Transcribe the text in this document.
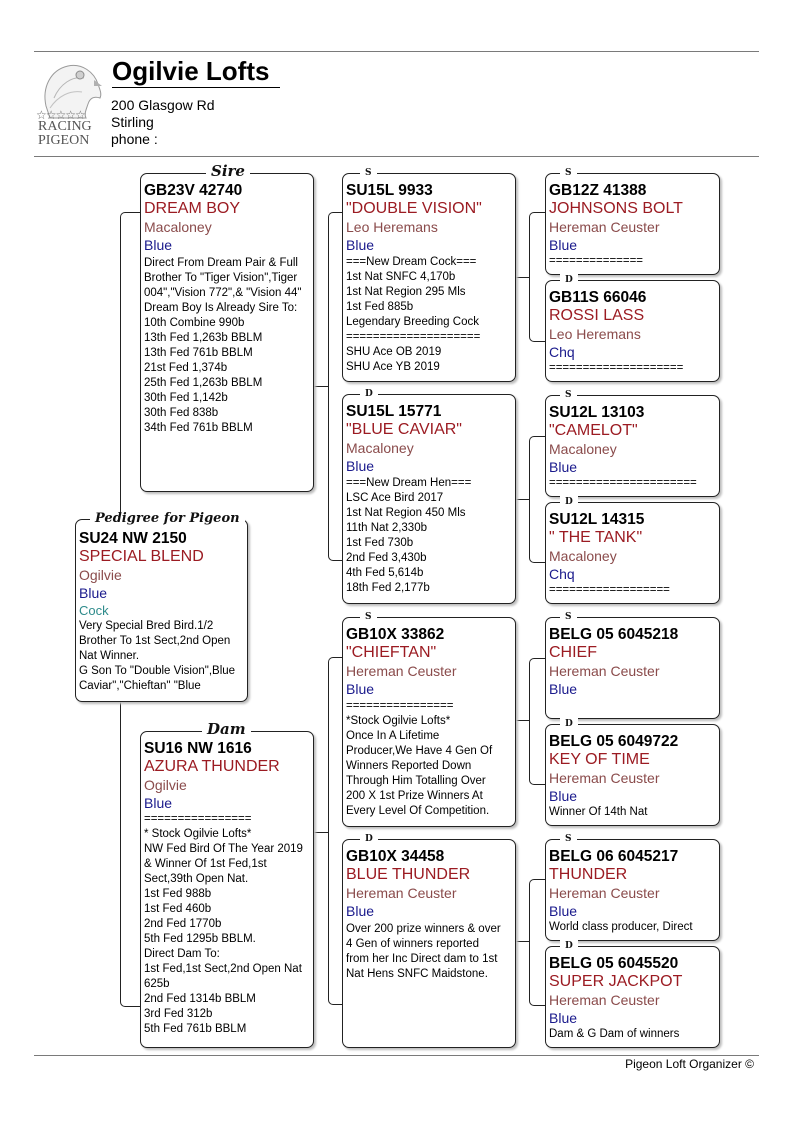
☆☆☆☆☆
RACING
PIGEON
Ogilvie Lofts
200 Glasgow Rd
Stirling
phone :
SU24 NW 2150
SPECIAL BLEND
Ogilvie
Blue
Cock
Very Special Bred Bird.1/2
Brother To 1st Sect,2nd Open
Nat Winner.
G Son To "Double Vision",Blue
Caviar","Chieftan" "Blue
Pedigree for Pigeon
GB23V 42740
DREAM BOY
Macaloney
Blue
Direct From Dream Pair & Full
Brother To "Tiger Vision",Tiger
004","Vision 772",& "Vision 44"
Dream Boy Is Already Sire To:
10th Combine 990b
13th Fed 1,263b BBLM
13th Fed 761b BBLM
21st Fed 1,374b
25th Fed 1,263b BBLM
30th Fed 1,142b
30th Fed 838b
34th Fed 761b BBLM
Sire
SU16 NW 1616
AZURA THUNDER
Ogilvie
Blue
================
* Stock Ogilvie Lofts*
NW Fed Bird Of The Year 2019
& Winner Of 1st Fed,1st
Sect,39th Open Nat.
1st Fed 988b
1st Fed 460b
2nd Fed 1770b
5th Fed 1295b BBLM.
Direct Dam To:
1st Fed,1st Sect,2nd Open Nat
625b
2nd Fed 1314b BBLM
3rd Fed 312b
5th Fed 761b BBLM
Dam
SU15L 9933
"DOUBLE VISION"
Leo Heremans
Blue
===New Dream Cock===
1st Nat SNFC 4,170b
1st Nat Region 295 Mls
1st Fed 885b
Legendary Breeding Cock
====================
SHU Ace OB 2019
SHU Ace YB 2019
S
SU15L 15771
"BLUE CAVIAR"
Macaloney
Blue
===New Dream Hen===
LSC Ace Bird 2017
1st Nat Region 450 Mls
11th Nat 2,330b
1st Fed 730b
2nd Fed 3,430b
4th Fed 5,614b
18th Fed 2,177b
D
GB10X 33862
"CHIEFTAN"
Hereman Ceuster
Blue
================
*Stock Ogilvie Lofts*
Once In A Lifetime
Producer,We Have 4 Gen Of
Winners Reported Down
Through Him Totalling Over
200 X 1st Prize Winners At
Every Level Of Competition.
S
GB10X 34458
BLUE THUNDER
Hereman Ceuster
Blue
Over 200 prize winners & over
4 Gen of winners reported
from her Inc Direct dam to 1st
Nat Hens SNFC Maidstone.
D
GB12Z 41388
JOHNSONS BOLT
Hereman Ceuster
Blue
==============
S
GB11S 66046
ROSSI LASS
Leo Heremans
Chq
====================
D
SU12L 13103
"CAMELOT"
Macaloney
Blue
======================
S
SU12L 14315
" THE TANK"
Macaloney
Chq
==================
D
BELG 05 6045218
CHIEF
Hereman Ceuster
Blue
S
BELG 05 6049722
KEY OF TIME
Hereman Ceuster
Blue
Winner Of 14th Nat
D
BELG 06 6045217
THUNDER
Hereman Ceuster
Blue
World class producer, Direct
S
BELG 05 6045520
SUPER JACKPOT
Hereman Ceuster
Blue
Dam & G Dam of winners
D
Pigeon Loft Organizer ©
